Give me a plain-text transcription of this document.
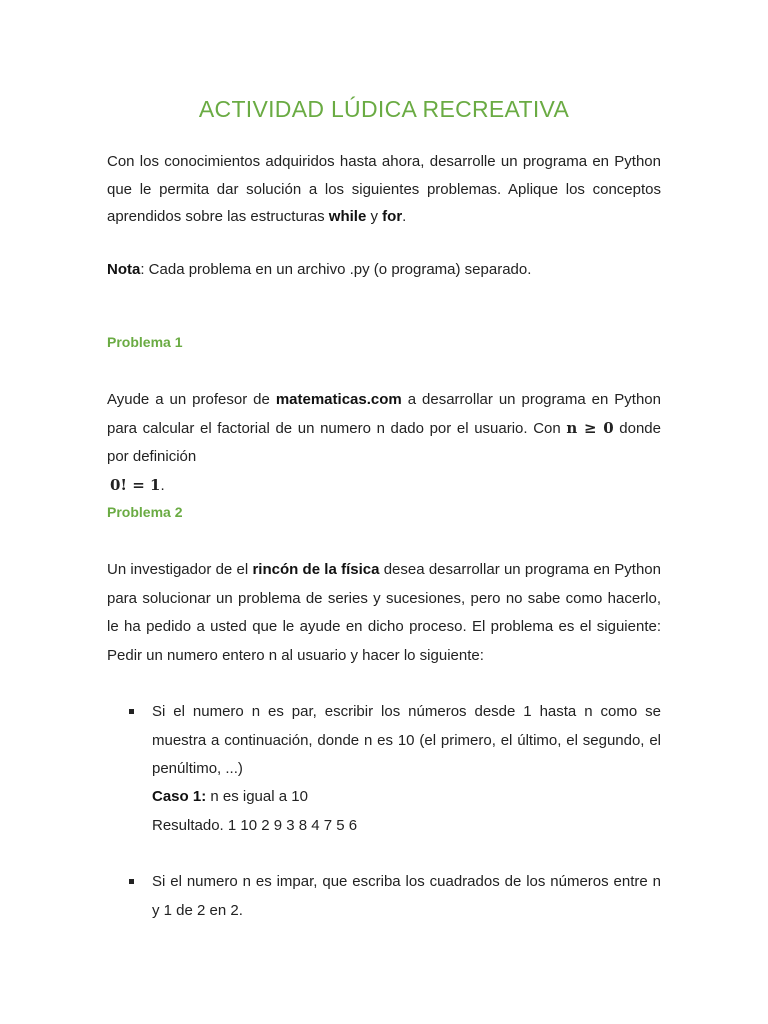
ACTIVIDAD LÚDICA RECREATIVA

Con los conocimientos adquiridos hasta ahora, desarrolle un programa en Python que le permita dar solución a los siguientes problemas. Aplique los conceptos aprendidos sobre las estructuras while y for.

Nota: Cada problema en un archivo .py (o programa) separado.

Problema 1

Ayude a un profesor de matematicas.com a desarrollar un programa en Python para calcular el factorial de un numero n dado por el usuario. Con n ≥ 0 donde por definición
0! = 1.

Problema 2

Un investigador de el rincón de la física desea desarrollar un programa en Python para solucionar un problema de series y sucesiones, pero no sabe como hacerlo, le ha pedido a usted que le ayude en dicho proceso. El problema es el siguiente: Pedir un numero entero n al usuario y hacer lo siguiente:

Si el numero n es par, escribir los números desde 1 hasta n como se muestra a continuación, donde n es 10 (el primero, el último, el segundo, el penúltimo, ...)
Caso 1: n es igual a 10
Resultado. 1 10 2 9 3 8 4 7 5 6
Si el numero n es impar, que escriba los cuadrados de los números entre n y 1 de 2 en 2.
